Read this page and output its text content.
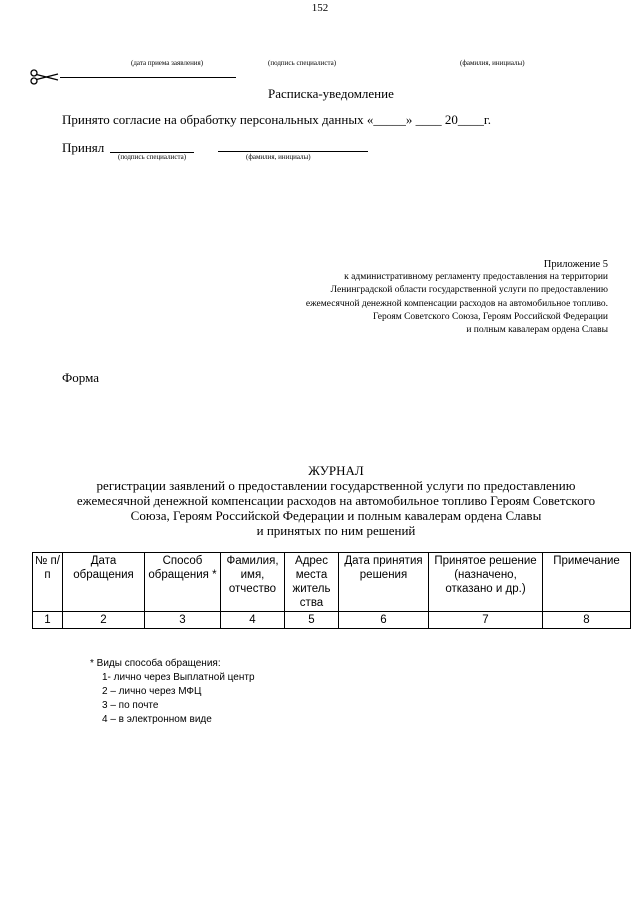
152
(дата приема заявления)	(подпись специалиста)	(фамилия, инициалы)
Расписка-уведомление
Принято согласие на обработку персональных данных «_____» ____ 20____г.
Принял
(подпись специалиста)	(фамилия, инициалы)
Приложение 5
к административному регламенту предоставления на территории
Ленинградской области государственной услуги по предоставлению
ежемесячной денежной компенсации расходов на автомобильное топливо.
Героям Советского Союза, Героям Российской Федерации
и полным кавалерам ордена Славы
Форма
ЖУРНАЛ
регистрации заявлений о предоставлении государственной услуги по предоставлению
ежемесячной денежной компенсации расходов на автомобильное топливо Героям Советского
Союза, Героям Российской Федерации и полным кавалерам ордена Славы
и принятых по ним решений
№ п/п	Дата обращения	Способ обращения *	Фамилия, имя, отчество	Адрес места житель ства	Дата принятия решения	Принятое решение (назначено, отказано и др.)	Примечание
1	2	3	4	5	6	7	8
* Виды способа обращения:
1- лично через Выплатной центр
2 – лично через МФЦ
3 – по почте
4 – в электронном виде
